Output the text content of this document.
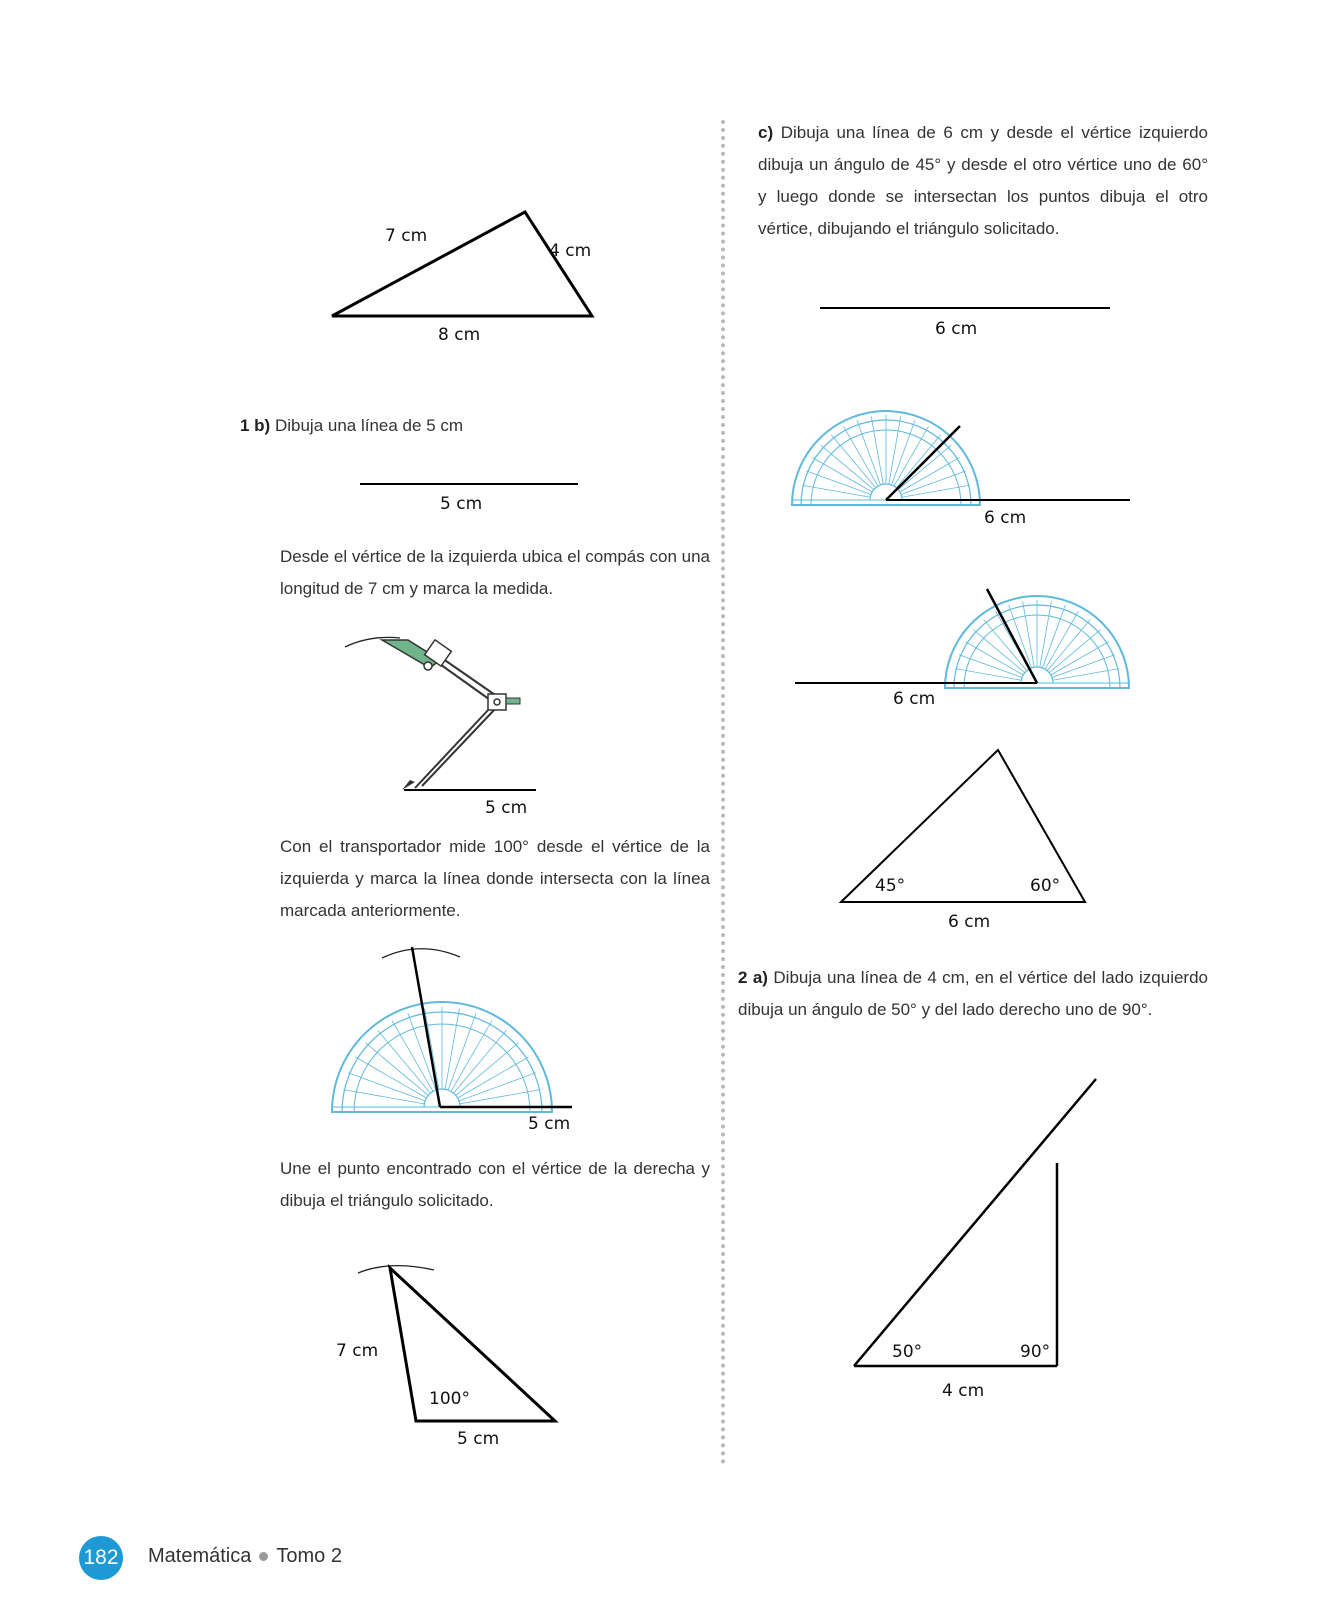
7 cm
4 cm
8 cm
1 b) Dibuja una línea de 5 cm
5 cm
Desde el vértice de la izquierda ubica el compás con una longitud de 7 cm y marca la medida.
5 cm
Con el transportador mide 100° desde el vértice de la izquierda y marca la línea donde intersecta con la línea marcada anteriormente.
5 cm
Une el punto encontrado con el vértice de la derecha y dibuja el triángulo solicitado.
7 cm
100°
5 cm
c) Dibuja una línea de 6 cm y desde el vértice izquierdo dibuja un ángulo de 45° y desde el otro vértice uno de 60° y luego donde se intersectan los puntos dibuja el otro vértice, dibujando el triángulo solicitado.
6 cm
6 cm
6 cm
45°	60°
6 cm
2 a) Dibuja una línea de 4 cm, en el vértice del lado izquierdo dibuja un ángulo de 50° y del lado derecho uno de 90°.
50°	90°
4 cm
182 Matemática Tomo 2
